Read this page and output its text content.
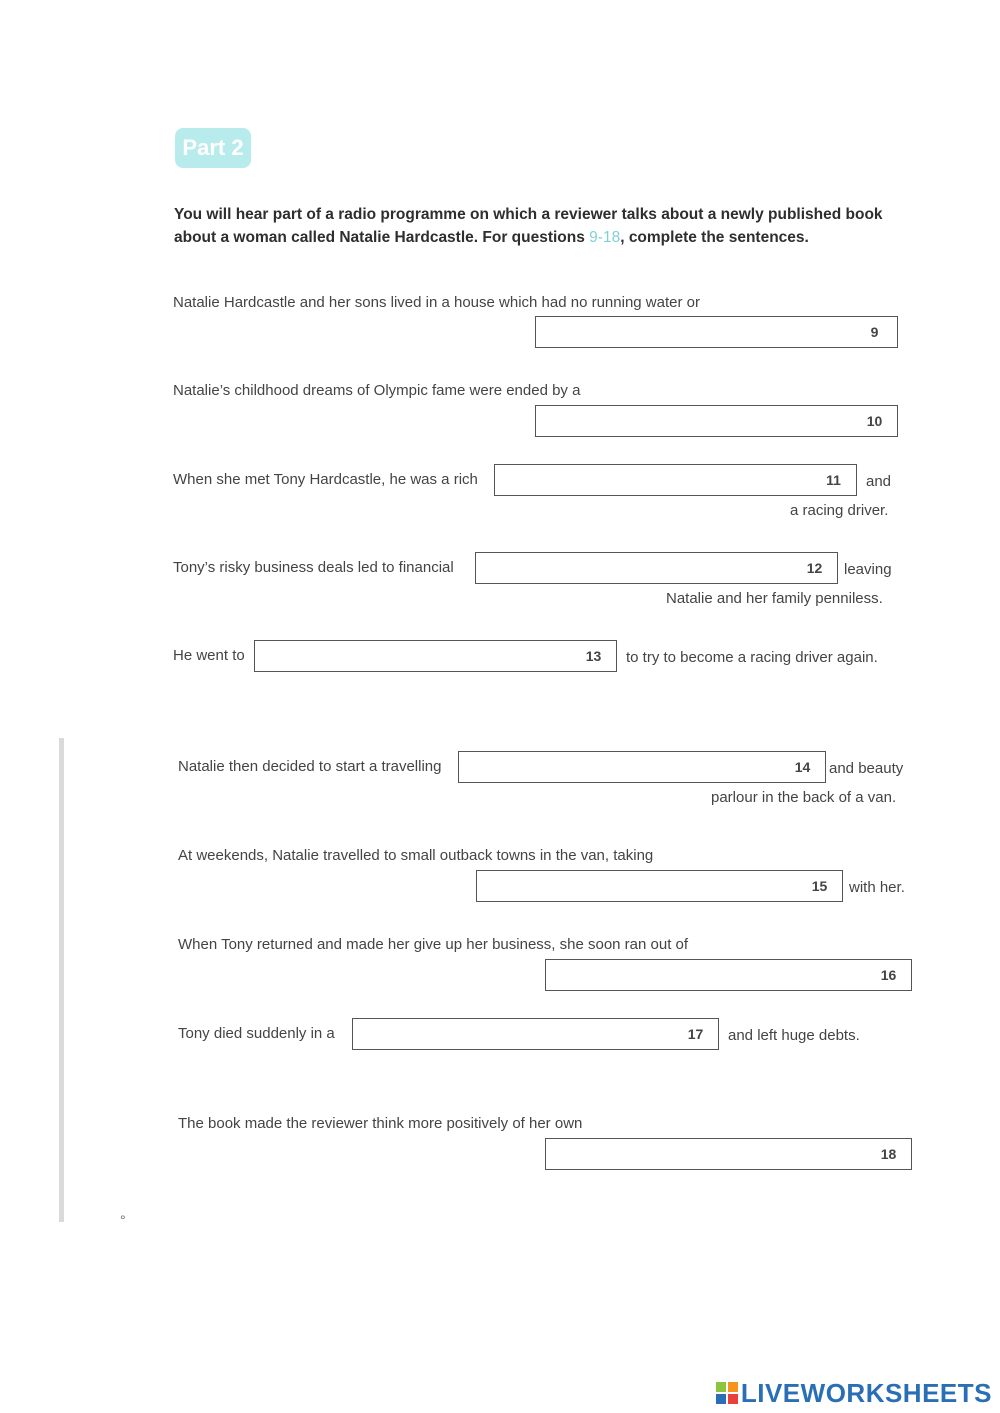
Part 2
You will hear part of a radio programme on which a reviewer talks about a newly published book about a woman called Natalie Hardcastle. For questions 9-18, complete the sentences.
Natalie Hardcastle and her sons lived in a house which had no running water or
9
Natalie’s childhood dreams of Olympic fame were ended by a
10
When she met Tony Hardcastle, he was a rich	11	and
a racing driver.
Tony’s risky business deals led to financial	12	leaving
Natalie and her family penniless.
He went to	13	to try to become a racing driver again.
Natalie then decided to start a travelling	14	and beauty
parlour in the back of a van.
At weekends, Natalie travelled to small outback towns in the van, taking
15	with her.
When Tony returned and made her give up her business, she soon ran out of
16
Tony died suddenly in a	17	and left huge debts.
The book made the reviewer think more positively of her own
18
°
LIVEWORKSHEETS
